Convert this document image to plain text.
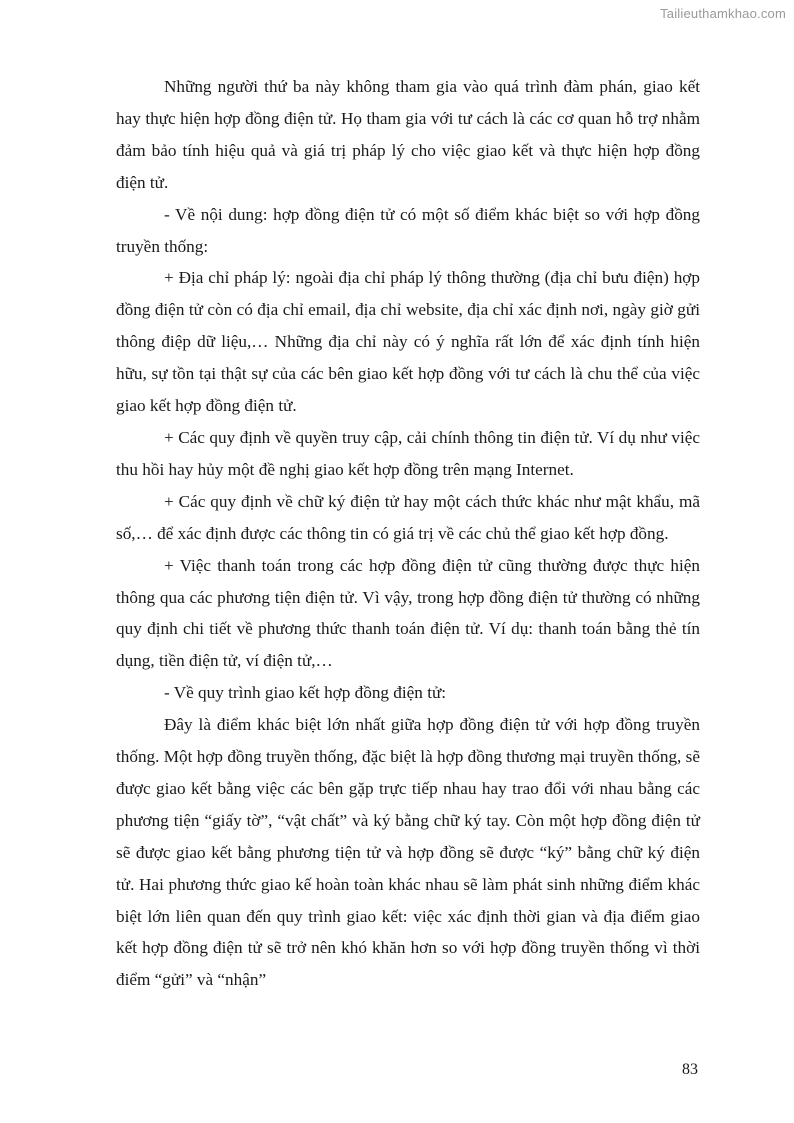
Tailieuthamkhao.com

Những người thứ ba này không tham gia vào quá trình đàm phán, giao kết hay thực hiện hợp đồng điện tử. Họ tham gia với tư cách là các cơ quan hỗ trợ nhằm đảm bảo tính hiệu quả và giá trị pháp lý cho việc giao kết và thực hiện hợp đồng điện tử.

- Về nội dung: hợp đồng điện tử có một số điểm khác biệt so với hợp đồng truyền thống:

+ Địa chỉ pháp lý: ngoài địa chỉ pháp lý thông thường (địa chỉ bưu điện) hợp đồng điện tử còn có địa chỉ email, địa chỉ website, địa chỉ xác định nơi, ngày giờ gửi thông điệp dữ liệu,… Những địa chỉ này có ý nghĩa rất lớn để xác định tính hiện hữu, sự tồn tại thật sự của các bên giao kết hợp đồng với tư cách là chu thể của việc giao kết hợp đồng điện tử.

+ Các quy định về quyền truy cập, cải chính thông tin điện tử. Ví dụ như việc thu hồi hay hủy một đề nghị giao kết hợp đồng trên mạng Internet.

+ Các quy định về chữ ký điện tử hay một cách thức khác như mật khẩu, mã số,… để xác định được các thông tin có giá trị về các chủ thể giao kết hợp đồng.

+ Việc thanh toán trong các hợp đồng điện tử cũng thường được thực hiện thông qua các phương tiện điện tử. Vì vậy, trong hợp đồng điện tử thường có những quy định chi tiết về phương thức thanh toán điện tử. Ví dụ: thanh toán bằng thẻ tín dụng, tiền điện tử, ví điện tử,…

- Về quy trình giao kết hợp đồng điện tử:

Đây là điểm khác biệt lớn nhất giữa hợp đồng điện tử với hợp đồng truyền thống. Một hợp đồng truyền thống, đặc biệt là hợp đồng thương mại truyền thống, sẽ được giao kết bằng việc các bên gặp trực tiếp nhau hay trao đổi với nhau bằng các phương tiện “giấy tờ”, “vật chất” và ký bằng chữ ký tay. Còn một hợp đồng điện tử sẽ được giao kết bằng phương tiện tử và hợp đồng sẽ được “ký” bằng chữ ký điện tử. Hai phương thức giao kế hoàn toàn khác nhau sẽ làm phát sinh những điểm khác biệt lớn liên quan đến quy trình giao kết: việc xác định thời gian và địa điểm giao kết hợp đồng điện tử sẽ trở nên khó khăn hơn so với hợp đồng truyền thống vì thời điểm “gửi” và “nhận”

83
